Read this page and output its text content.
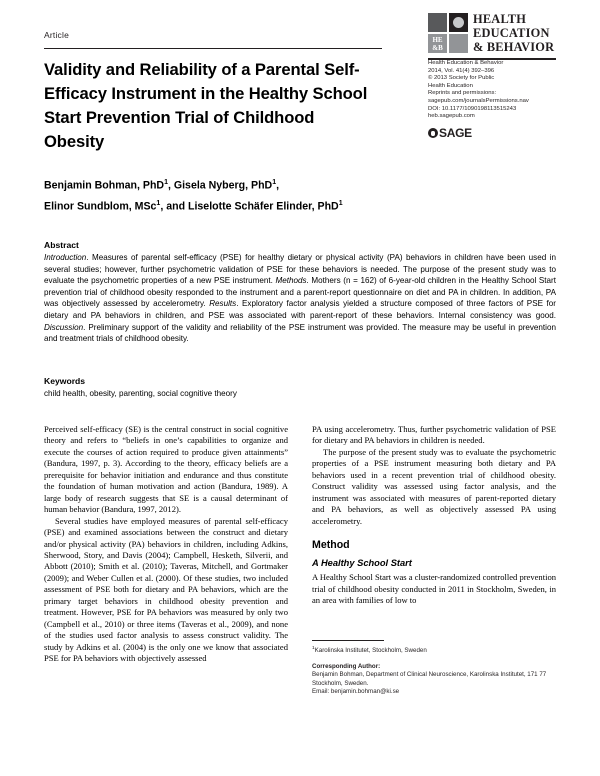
Article	HE
&B
HEALTH
EDUCATION
& BEHAVIOR
Health Education & Behavior
2014, Vol. 41(4) 392–396
© 2013 Society for Public
Health Education
Reprints and permissions:
sagepub.com/journalsPermissions.nav
DOI: 10.1177/1090198113515243
heb.sagepub.com
SAGE
Validity and Reliability of a Parental Self-Efficacy Instrument in the Healthy School Start Prevention Trial of Childhood Obesity
Benjamin Bohman, PhD$^1$, Gisela Nyberg, PhD$^1$,
Elinor Sundblom, MSc$^1$, and Liselotte Schäfer Elinder, PhD$^1$
Abstract
Introduction. Measures of parental self-efficacy (PSE) for healthy dietary or physical activity (PA) behaviors in children have been used in several studies; however, further psychometric validation of PSE for these behaviors is needed. The purpose of the present study was to evaluate the psychometric properties of a new PSE instrument. Methods. Mothers (n = 162) of 6-year-old children in the Healthy School Start prevention trial of childhood obesity responded to the instrument and a parent-report questionnaire on diet and PA in children. In addition, PA was objectively assessed by accelerometry. Results. Exploratory factor analysis yielded a structure composed of three factors of PSE for dietary and PA behaviors in children, and PSE was associated with parent-report of these behaviors. Internal consistency was good. Discussion. Preliminary support of the validity and reliability of the PSE instrument was provided. The measure may be useful in prevention and treatment trials of childhood obesity.
Keywords
child health, obesity, parenting, social cognitive theory

Perceived self-efficacy (SE) is the central construct in social cognitive theory and refers to “beliefs in one’s capabilities to organize and execute the courses of action required to produce given attainments” (Bandura, 1997, p. 3). According to the theory, efficacy beliefs are a prerequisite for behavior initiation and endurance and thus constitute the foundation of human motivation and action (Bandura, 1989). A large body of research suggests that SE is a causal determinant of human behavior (Bandura, 1997, 2012).

Several studies have employed measures of parental self-efficacy (PSE) and examined associations between the construct and dietary and/or physical activity (PA) behaviors in children, including Adkins, Sherwood, Story, and Davis (2004); Campbell, Hesketh, Silverii, and Abbott (2010); Smith et al. (2010); Taveras, Mitchell, and Gortmaker (2009); and Weber Cullen et al. (2000). Of these studies, two included assessment of PSE both for dietary and PA behaviors, which are the primary target behaviors in childhood obesity prevention and treatment. However, PSE for PA behaviors was measured by only two (Campbell et al., 2010) or three items (Taveras et al., 2009), and none of the studies used factor analysis to assess construct validity. The study by Adkins et al. (2004) is the only one we know that associated PSE for PA behaviors with objectively assessed

PA using accelerometry. Thus, further psychometric validation of PSE for dietary and PA behaviors in children is needed.

The purpose of the present study was to evaluate the psychometric properties of a PSE instrument measuring both dietary and PA behaviors used in a recent prevention trial of childhood obesity. Construct validity was assessed using factor analysis, and the instrument was associated with measures of parent-reported dietary and PA behaviors, as well as objectively assessed PA using accelerometry.

Method
A Healthy School Start

A Healthy School Start was a cluster-randomized controlled prevention trial of childhood obesity conducted in 2011 in Stockholm, Sweden, in an area with families of low to

$^1$Karolinska Institutet, Stockholm, Sweden
Corresponding Author:
Benjamin Bohman, Department of Clinical Neuroscience, Karolinska Institutet, 171 77 Stockholm, Sweden.
Email: benjamin.bohman@ki.se
